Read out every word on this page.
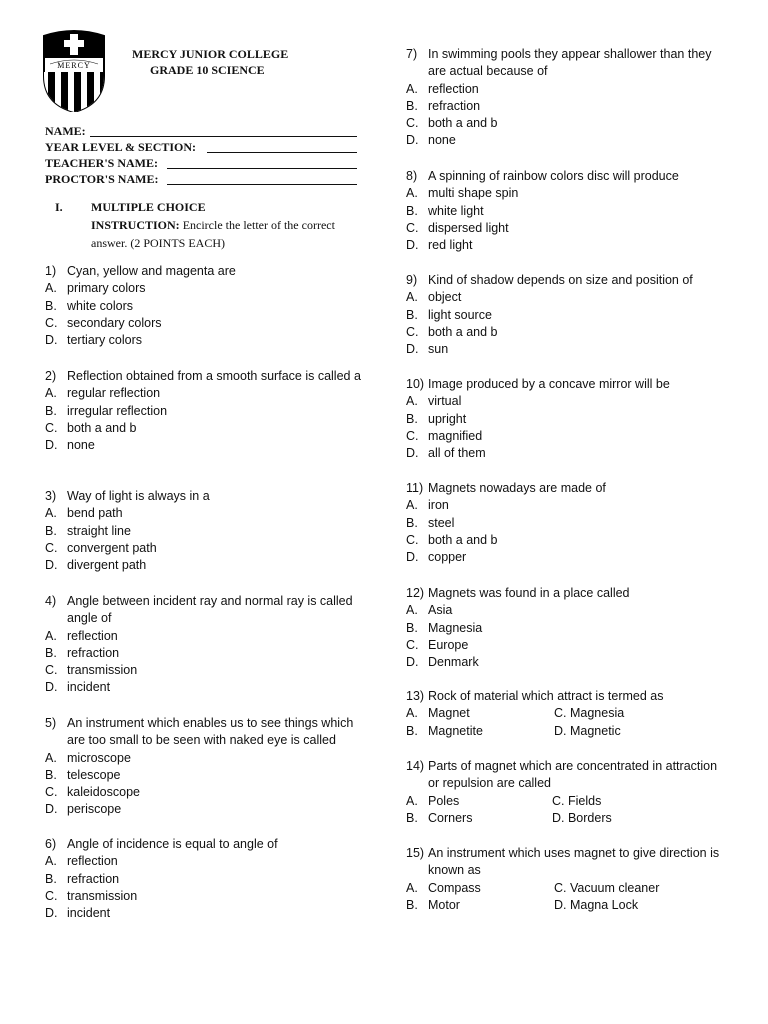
MERCY
MERCY JUNIOR COLLEGE
GRADE 10 SCIENCE
NAME:
YEAR LEVEL & SECTION:
TEACHER'S NAME:
PROCTOR'S NAME:
I. MULTIPLE CHOICE
INSTRUCTION: Encircle the letter of the correct answer. (2 POINTS EACH)
1) Cyan, yellow and magenta are
A. primary colors
B. white colors
C. secondary colors
D. tertiary colors
2) Reflection obtained from a smooth surface is called a
A. regular reflection
B. irregular reflection
C. both a and b
D. none
3) Way of light is always in a
A. bend path
B. straight line
C. convergent path
D. divergent path
4) Angle between incident ray and normal ray is called angle of
A. reflection
B. refraction
C. transmission
D. incident
5) An instrument which enables us to see things which are too small to be seen with naked eye is called
A. microscope
B. telescope
C. kaleidoscope
D. periscope
6) Angle of incidence is equal to angle of
A. reflection
B. refraction
C. transmission
D. incident
7) In swimming pools they appear shallower than they are actual because of
A. reflection
B. refraction
C. both a and b
D. none
8) A spinning of rainbow colors disc will produce
A. multi shape spin
B. white light
C. dispersed light
D. red light
9) Kind of shadow depends on size and position of
A. object
B. light source
C. both a and b
D. sun
10) Image produced by a concave mirror will be
A. virtual
B. upright
C. magnified
D. all of them
11) Magnets nowadays are made of
A. iron
B. steel
C. both a and b
D. copper
12) Magnets was found in a place called
A. Asia
B. Magnesia
C. Europe
D. Denmark
13) Rock of material which attract is termed as
A. Magnet	C. Magnesia
B. Magnetite	D. Magnetic
14) Parts of magnet which are concentrated in attraction or repulsion are called
A. Poles	C. Fields
B. Corners	D. Borders
15) An instrument which uses magnet to give direction is known as
A. Compass	C. Vacuum cleaner
B. Motor	D. Magna Lock
